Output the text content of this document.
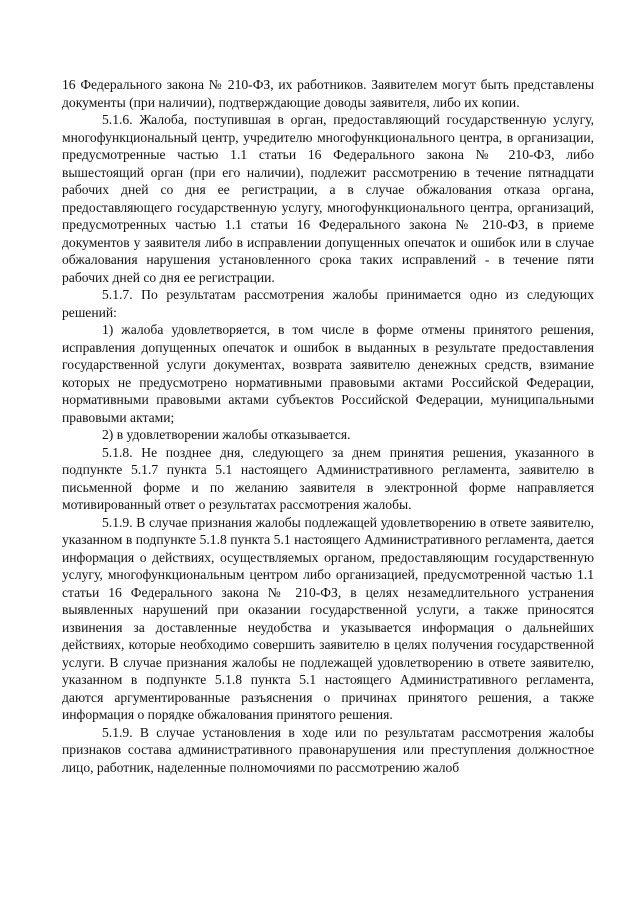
16 Федерального закона № 210-ФЗ, их работников. Заявителем могут быть представлены документы (при наличии), подтверждающие доводы заявителя, либо их копии.

5.1.6. Жалоба, поступившая в орган, предоставляющий государственную услугу, многофункциональный центр, учредителю многофункционального центра, в организации, предусмотренные частью 1.1 статьи 16 Федерального закона № 210-ФЗ, либо вышестоящий орган (при его наличии), подлежит рассмотрению в течение пятнадцати рабочих дней со дня ее регистрации, а в случае обжалования отказа органа, предоставляющего государственную услугу, многофункционального центра, организаций, предусмотренных частью 1.1 статьи 16 Федерального закона № 210-ФЗ, в приеме документов у заявителя либо в исправлении допущенных опечаток и ошибок или в случае обжалования нарушения установленного срока таких исправлений - в течение пяти рабочих дней со дня ее регистрации.

5.1.7. По результатам рассмотрения жалобы принимается одно из следующих решений:

1) жалоба удовлетворяется, в том числе в форме отмены принятого решения, исправления допущенных опечаток и ошибок в выданных в результате предоставления государственной услуги документах, возврата заявителю денежных средств, взимание которых не предусмотрено нормативными правовыми актами Российской Федерации, нормативными правовыми актами субъектов Российской Федерации, муниципальными правовыми актами;

2) в удовлетворении жалобы отказывается.

5.1.8. Не позднее дня, следующего за днем принятия решения, указанного в подпункте 5.1.7 пункта 5.1 настоящего Административного регламента, заявителю в письменной форме и по желанию заявителя в электронной форме направляется мотивированный ответ о результатах рассмотрения жалобы.

5.1.9. В случае признания жалобы подлежащей удовлетворению в ответе заявителю, указанном в подпункте 5.1.8 пункта 5.1 настоящего Административного регламента, дается информация о действиях, осуществляемых органом, предоставляющим государственную услугу, многофункциональным центром либо организацией, предусмотренной частью 1.1 статьи 16 Федерального закона № 210-ФЗ, в целях незамедлительного устранения выявленных нарушений при оказании государственной услуги, а также приносятся извинения за доставленные неудобства и указывается информация о дальнейших действиях, которые необходимо совершить заявителю в целях получения государственной услуги. В случае признания жалобы не подлежащей удовлетворению в ответе заявителю, указанном в подпункте 5.1.8 пункта 5.1 настоящего Административного регламента, даются аргументированные разъяснения о причинах принятого решения, а также информация о порядке обжалования принятого решения.

5.1.9. В случае установления в ходе или по результатам рассмотрения жалобы признаков состава административного правонарушения или преступления должностное лицо, работник, наделенные полномочиями по рассмотрению жалоб
